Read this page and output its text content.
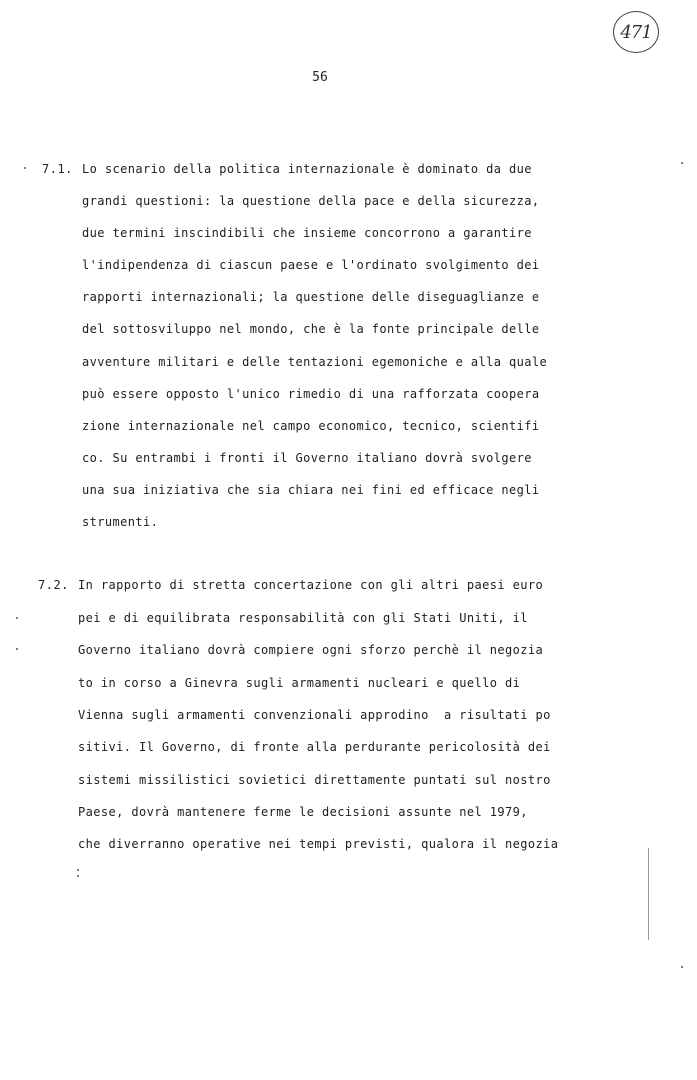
471
56
7.1. Lo scenario della politica internazionale è dominato da due
grandi questioni: la questione della pace e della sicurezza,
due termini inscindibili che insieme concorrono a garantire
l'indipendenza di ciascun paese e l'ordinato svolgimento dei
rapporti internazionali; la questione delle diseguaglianze e
del sottosviluppo nel mondo, che è la fonte principale delle
avventure militari e delle tentazioni egemoniche e alla quale
può essere opposto l'unico rimedio di una rafforzata coopera
zione internazionale nel campo economico, tecnico, scientifi
co. Su entrambi i fronti il Governo italiano dovrà svolgere
una sua iniziativa che sia chiara nei fini ed efficace negli
strumenti.
7.2. In rapporto di stretta concertazione con gli altri paesi euro
pei e di equilibrata responsabilità con gli Stati Uniti, il
Governo italiano dovrà compiere ogni sforzo perchè il negozia
to in corso a Ginevra sugli armamenti nucleari e quello di
Vienna sugli armamenti convenzionali approdino  a risultati po
sitivi. Il Governo, di fronte alla perdurante pericolosità dei
sistemi missilistici sovietici direttamente puntati sul nostro
Paese, dovrà mantenere ferme le decisioni assunte nel 1979,
che diverranno operative nei tempi previsti, qualora il negozia
